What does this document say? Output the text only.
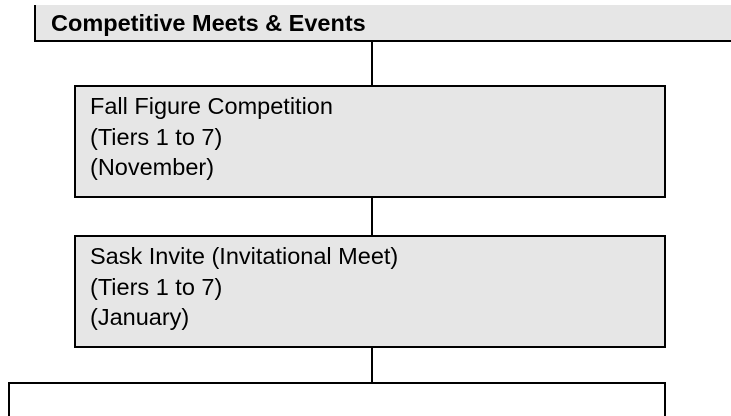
Competitive Meets & Events
Fall Figure Competition
(Tiers 1 to 7)
(November)
Sask Invite (Invitational Meet)
(Tiers 1 to 7)
(January)
